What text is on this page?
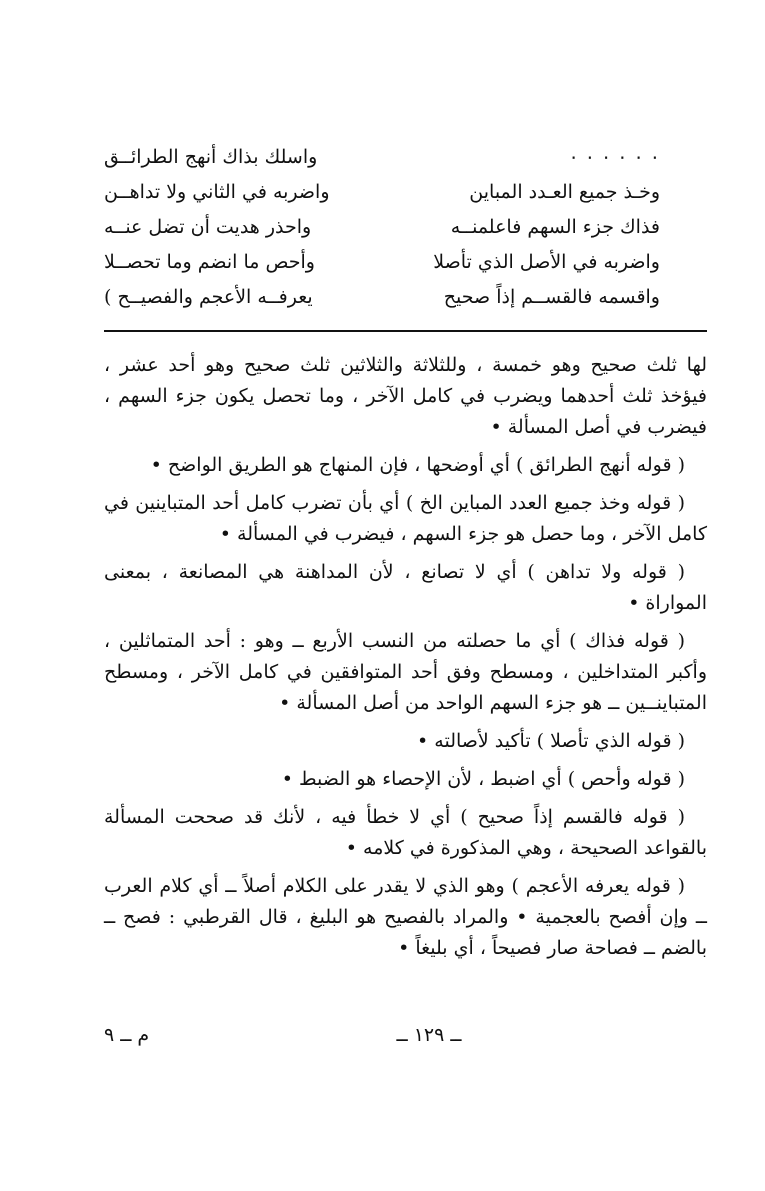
٠ ٠ ٠ ٠ ٠ ٠
واسلك بذاك أنهج الطرائــق
وخـذ جميع العـدد المباين
واضربه في الثاني ولا تداهــن
فذاك جزء السهم فاعلمنــه
واحذر هديت أن تضل عنــه
واضربه في الأصل الذي تأصلا
وأحص ما انضم وما تحصــلا
واقسمه فالقســم إذاً صحيح
يعرفــه الأعجم والفصيــح )

لها ثلث صحيح وهو خمسة ، وللثلاثة والثلاثين ثلث صحيح وهو أحد عشر ، فيؤخذ ثلث أحدهما ويضرب في كامل الآخر ، وما تحصل يكون جزء السهم ، فيضرب في أصل المسألة •

( قوله أنهج الطرائق ) أي أوضحها ، فإن المنهاج هو الطريق الواضح •

( قوله وخذ جميع العدد المباين الخ ) أي بأن تضرب كامل أحد المتباينين في كامل الآخر ، وما حصل هو جزء السهم ، فيضرب في المسألة •

( قوله ولا تداهن ) أي لا تصانع ، لأن المداهنة هي المصانعة ، بمعنى المواراة •

( قوله فذاك ) أي ما حصلته من النسب الأربع ــ وهو : أحد المتماثلين ، وأكبر المتداخلين ، ومسطح وفق أحد المتوافقين في كامل الآخر ، ومسطح المتباينــين ــ هو جزء السهم الواحد من أصل المسألة •

( قوله الذي تأصلا ) تأكيد لأصالته •

( قوله وأحص ) أي اضبط ، لأن الإحصاء هو الضبط •

( قوله فالقسم إذاً صحيح ) أي لا خطأ فيه ، لأنك قد صححت المسألة بالقواعد الصحيحة ، وهي المذكورة في كلامه •

( قوله يعرفه الأعجم ) وهو الذي لا يقدر على الكلام أصلاً ــ أي كلام العرب ــ وإن أفصح بالعجمية • والمراد بالفصيح هو البليغ ، قال القرطبي : فصح ــ بالضم ــ فصاحة صار فصيحاً ، أي بليغاً •

ــ ١٢٩ ــ
م ــ ٩
